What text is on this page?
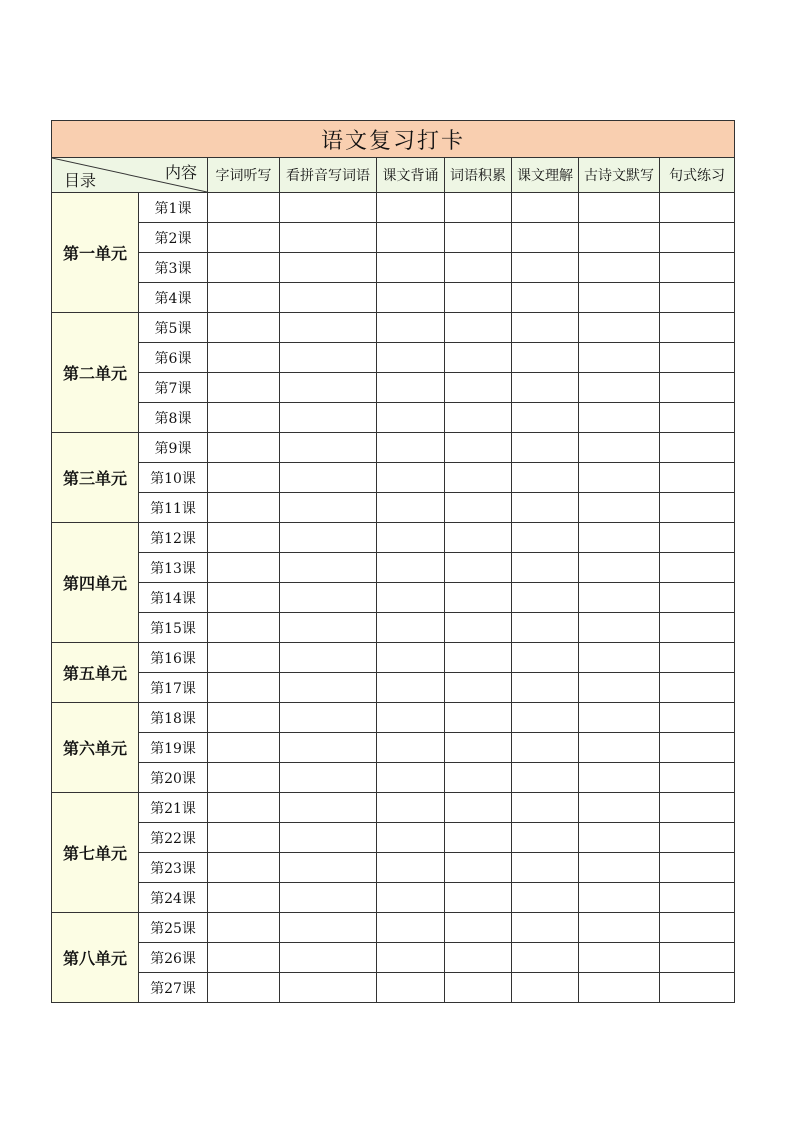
语文复习打卡								

内容
目录		字词听写	看拼音写词语	课文背诵	词语积累	课文理解	古诗文默写	句式练习
第一单元	第1课							
	第2课							
	第3课							
	第4课							
第二单元	第5课							
	第6课							
	第7课							
	第8课							
第三单元	第9课							
	第10课							
	第11课							
第四单元	第12课							
	第13课							
	第14课							
	第15课							
第五单元	第16课							
	第17课							
第六单元	第18课							
	第19课							
	第20课							
第七单元	第21课							
	第22课							
	第23课							
	第24课							
第八单元	第25课							
	第26课							
	第27课							
